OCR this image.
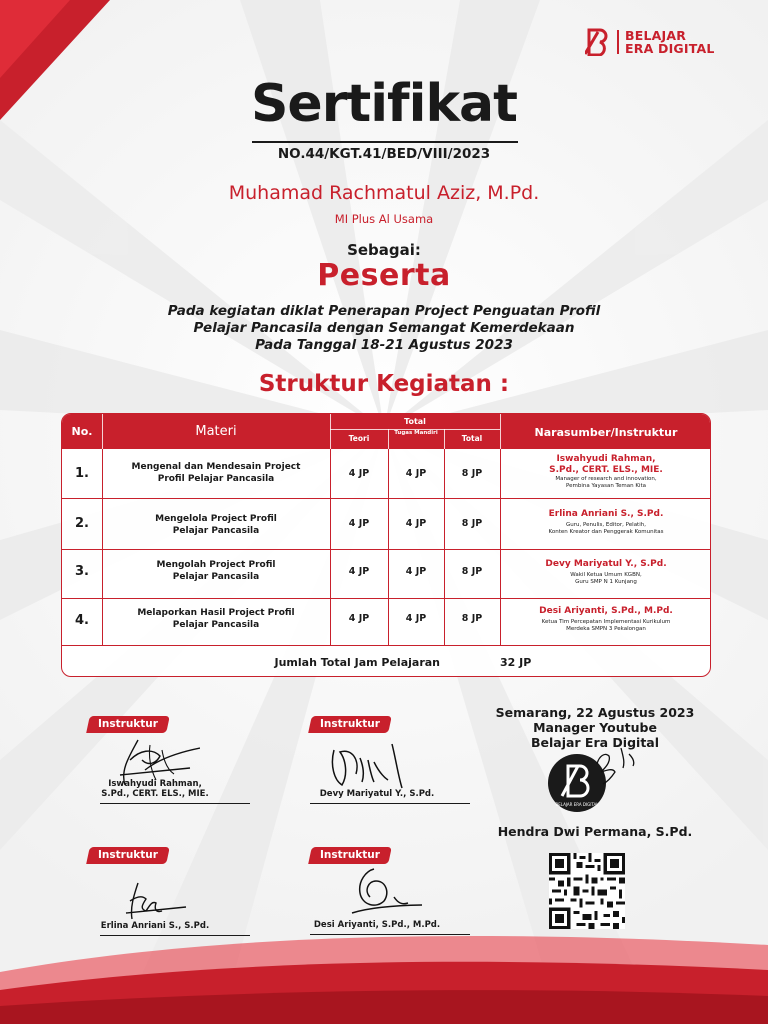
BELAJAR
ERA DIGITAL
Sertifikat
NO.44/KGT.41/BED/VIII/2023
Muhamad Rachmatul Aziz, M.Pd.
MI Plus Al Usama
Sebagai:
Peserta
Pada kegiatan diklat Penerapan Project Penguatan Profil
Pelajar Pancasila dengan Semangat Kemerdekaan
Pada Tanggal 18-21 Agustus 2023
Struktur Kegiatan :
No.	Materi
Total
Teori
Tugas Mandiri
Total	Narasumber/Instruktur
1.	Mengenal dan Mendesain Project
Profil Pelajar Pancasila	4 JP	4 JP	8 JP
Iswahyudi Rahman,
S.Pd., CERT. ELS., MIE.
Manager of research and innovation,
Pembina Yayasan Teman Kita
2.	Mengelola Project Profil
Pelajar Pancasila
4 JP	4 JP	8 JP
Erlina Anriani S., S.Pd.
Guru, Penulis, Editor, Pelatih,
Konten Kreator dan Penggerak Komunitas
3.	Mengolah Project Profil
Pelajar Pancasila	4 JP	4 JP	8 JP
Devy Mariyatul Y., S.Pd.
Wakil Ketua Umum KGBN,
Guru SMP N 1 Kunjang
4.	Melaporkan Hasil Project Profil
Pelajar Pancasila
4 JP	4 JP	8 JP
Desi Ariyanti, S.Pd., M.Pd.
Ketua Tim Percepatan Implementasi Kurikulum
Merdeka SMPN 3 Pekalongan
Jumlah Total Jam Pelajaran	32 JP
Instruktur
Iswahyudi Rahman,
S.Pd., CERT. ELS., MIE.
Instruktur
Devy Mariyatul Y., S.Pd.
Instruktur
Erlina Anriani S., S.Pd.
Instruktur
Desi Ariyanti, S.Pd., M.Pd.
Semarang, 22 Agustus 2023
Manager Youtube
Belajar Era Digital
BELAJAR ERA DIGITAL
Hendra Dwi Permana, S.Pd.
